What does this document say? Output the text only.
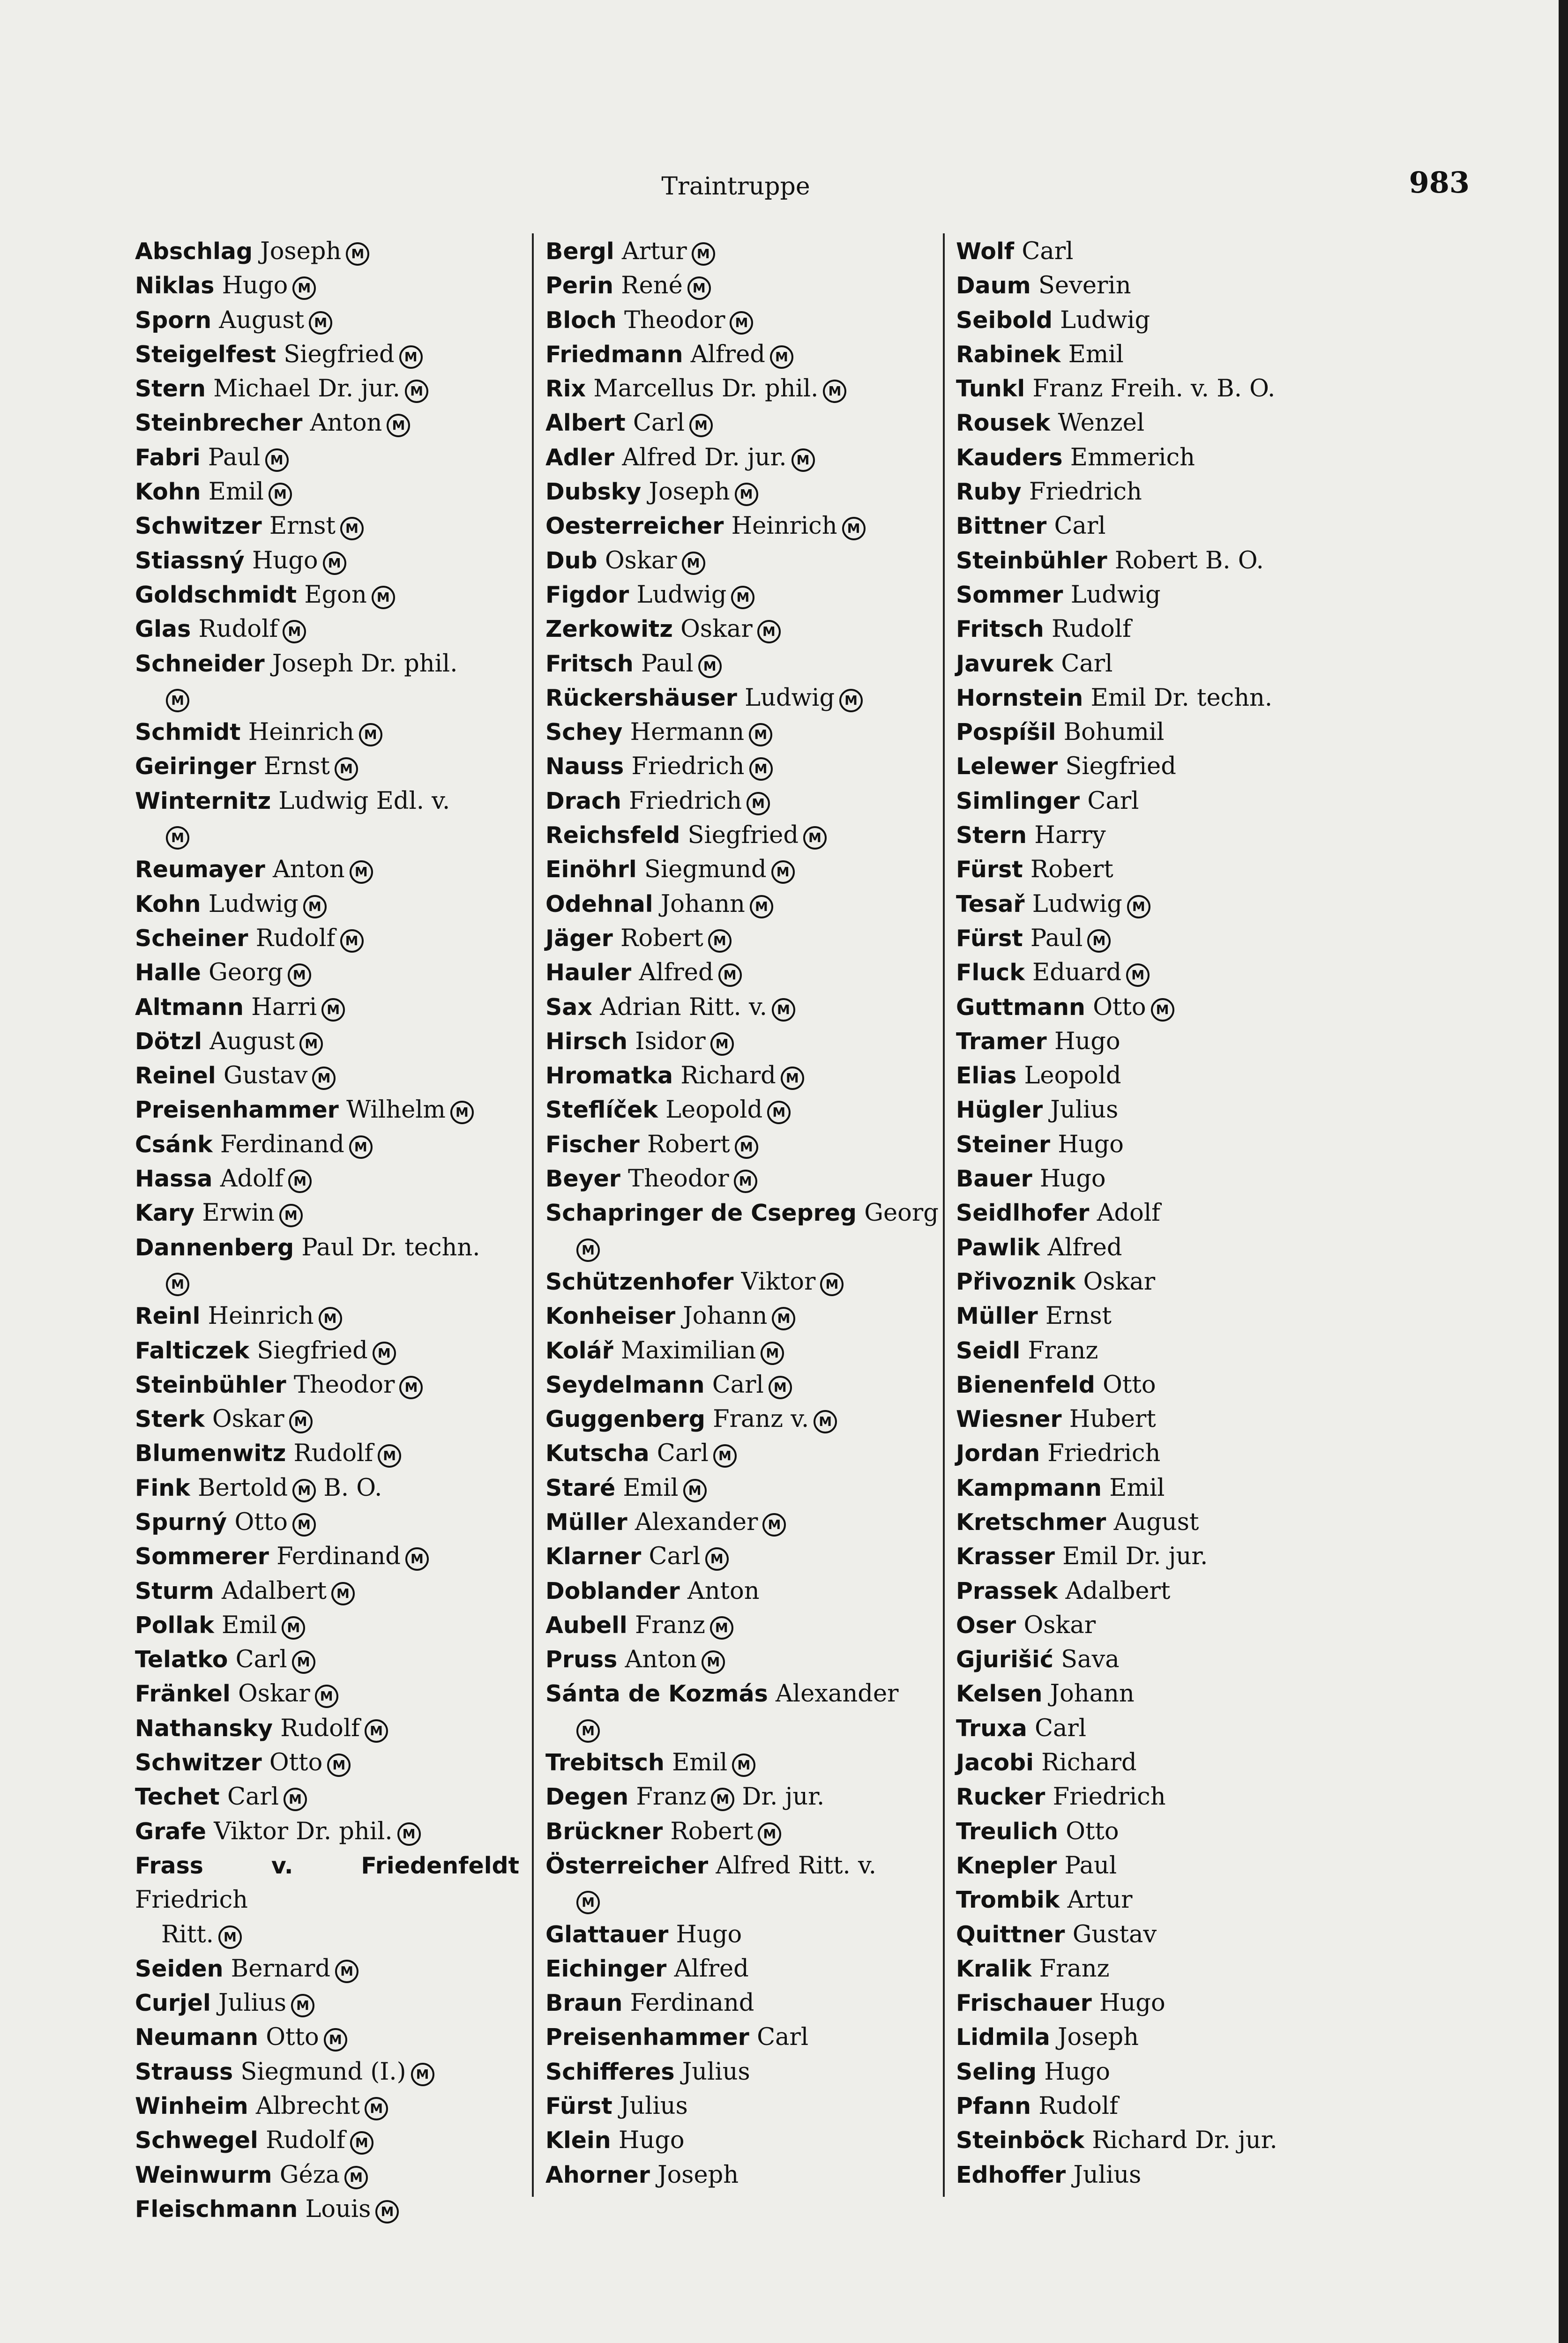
Traintruppe	983
Abschlag Joseph M
Niklas Hugo M
Sporn August M
Steigelfest Siegfried M
Stern Michael Dr. jur. M
Steinbrecher Anton M
Fabri Paul M
Kohn Emil M
Schwitzer Ernst M
Stiassný Hugo M
Goldschmidt Egon M
Glas Rudolf M
Schneider Joseph Dr. phil.
M
Schmidt Heinrich M
Geiringer Ernst M
Winternitz Ludwig Edl. v.
M
Reumayer Anton M
Kohn Ludwig M
Scheiner Rudolf M
Halle Georg M
Altmann Harri M
Dötzl August M
Reinel Gustav M
Preisenhammer Wilhelm M
Csánk Ferdinand M
Hassa Adolf M
Kary Erwin M
Dannenberg Paul Dr. techn.
M
Reinl Heinrich M
Falticzek Siegfried M
Steinbühler Theodor M
Sterk Oskar M
Blumenwitz Rudolf M
Fink Bertold M B. O.
Spurný Otto M
Sommerer Ferdinand M
Sturm Adalbert M
Pollak Emil M
Telatko Carl M
Fränkel Oskar M
Nathansky Rudolf M
Schwitzer Otto M
Techet Carl M
Grafe Viktor Dr. phil. M
Frass v. Friedenfeldt Friedrich
Ritt. M
Seiden Bernard M
Curjel Julius M
Neumann Otto M
Strauss Siegmund (I.) M
Winheim Albrecht M
Schwegel Rudolf M
Weinwurm Géza M
Fleischmann Louis M
Bergl Artur M
Perin René M
Bloch Theodor M
Friedmann Alfred M
Rix Marcellus Dr. phil. M
Albert Carl M
Adler Alfred Dr. jur. M
Dubsky Joseph M
Oesterreicher Heinrich M
Dub Oskar M
Figdor Ludwig M
Zerkowitz Oskar M
Fritsch Paul M
Rückershäuser Ludwig M
Schey Hermann M
Nauss Friedrich M
Drach Friedrich M
Reichsfeld Siegfried M
Einöhrl Siegmund M
Odehnal Johann M
Jäger Robert M
Hauler Alfred M
Sax Adrian Ritt. v. M
Hirsch Isidor M
Hromatka Richard M
Steflíček Leopold M
Fischer Robert M
Beyer Theodor M
Schapringer de Csepreg Georg
M
Schützenhofer Viktor M
Konheiser Johann M
Kolář Maximilian M
Seydelmann Carl M
Guggenberg Franz v. M
Kutscha Carl M
Staré Emil M
Müller Alexander M
Klarner Carl M
Doblander Anton
Aubell Franz M
Pruss Anton M
Sánta de Kozmás Alexander
M
Trebitsch Emil M
Degen Franz M Dr. jur.
Brückner Robert M
Österreicher Alfred Ritt. v.
M
Glattauer Hugo
Eichinger Alfred
Braun Ferdinand
Preisenhammer Carl
Schifferes Julius
Fürst Julius
Klein Hugo
Ahorner Joseph
Wolf Carl
Daum Severin
Seibold Ludwig
Rabinek Emil
Tunkl Franz Freih. v. B. O.
Rousek Wenzel
Kauders Emmerich
Ruby Friedrich
Bittner Carl
Steinbühler Robert B. O.
Sommer Ludwig
Fritsch Rudolf
Javurek Carl
Hornstein Emil Dr. techn.
Pospíšil Bohumil
Lelewer Siegfried
Simlinger Carl
Stern Harry
Fürst Robert
Tesař Ludwig M
Fürst Paul M
Fluck Eduard M
Guttmann Otto M
Tramer Hugo
Elias Leopold
Hügler Julius
Steiner Hugo
Bauer Hugo
Seidlhofer Adolf
Pawlik Alfred
Přivoznik Oskar
Müller Ernst
Seidl Franz
Bienenfeld Otto
Wiesner Hubert
Jordan Friedrich
Kampmann Emil
Kretschmer August
Krasser Emil Dr. jur.
Prassek Adalbert
Oser Oskar
Gjurišić Sava
Kelsen Johann
Truxa Carl
Jacobi Richard
Rucker Friedrich
Treulich Otto
Knepler Paul
Trombik Artur
Quittner Gustav
Kralik Franz
Frischauer Hugo
Lidmila Joseph
Seling Hugo
Pfann Rudolf
Steinböck Richard Dr. jur.
Edhoffer Julius
